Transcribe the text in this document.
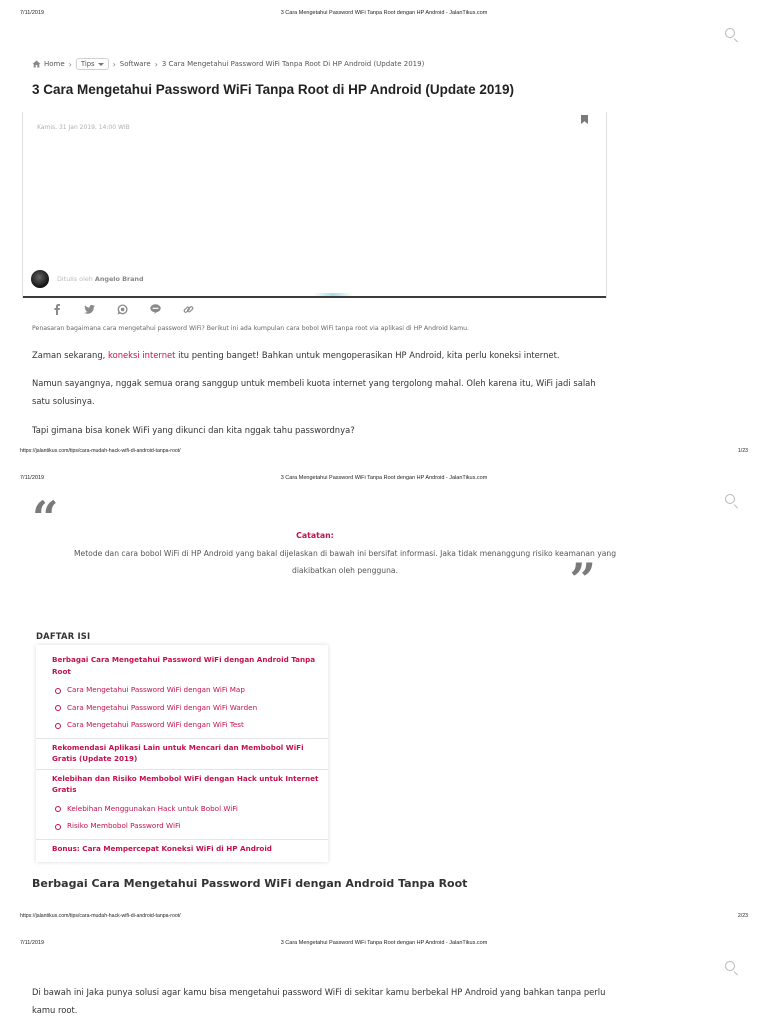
7/11/2019	3 Cara Mengetahui Password WiFi Tanpa Root dengan HP Android - JalanTikus.com
Home › Tips › Software › 3 Cara Mengetahui Password WiFi Tanpa Root Di HP Android (Update 2019)
3 Cara Mengetahui Password WiFi Tanpa Root di HP Android (Update 2019)
Kamis, 31 Jan 2019, 14:00 WIB
Ditulis oleh Angelo Brand

Penasaran bagaimana cara mengetahui password WiFi? Berikut ini ada kumpulan cara bobol WiFi tanpa root via aplikasi di HP Android kamu.

Zaman sekarang, koneksi internet itu penting banget! Bahkan untuk mengoperasikan HP Android, kita perlu koneksi internet.

Namun sayangnya, nggak semua orang sanggup untuk membeli kuota internet yang tergolong mahal. Oleh karena itu, WiFi jadi salah satu solusinya.

Tapi gimana bisa konek WiFi yang dikunci dan kita nggak tahu passwordnya?

https://jalantikus.com/tips/cara-mudah-hack-wifi-di-android-tanpa-root/	1/23
7/11/2019	3 Cara Mengetahui Password WiFi Tanpa Root dengan HP Android - JalanTikus.com
“	Catatan:
Metode dan cara bobol WiFi di HP Android yang bakal dijelaskan di bawah ini bersifat informasi. Jaka tidak menanggung risiko keamanan yang diakibatkan oleh pengguna.	”
DAFTAR ISI
Berbagai Cara Mengetahui Password WiFi dengan Android Tanpa Root
Cara Mengetahui Password WiFi dengan WiFi Map
Cara Mengetahui Password WiFi dengan WiFi Warden
Cara Mengetahui Password WiFi dengan WiFi Test
Rekomendasi Aplikasi Lain untuk Mencari dan Membobol WiFi Gratis (Update 2019)
Kelebihan dan Risiko Membobol WiFi dengan Hack untuk Internet Gratis
Kelebihan Menggunakan Hack untuk Bobol WiFi
Risiko Membobol Password WiFi
Bonus: Cara Mempercepat Koneksi WiFi di HP Android
Berbagai Cara Mengetahui Password WiFi dengan Android Tanpa Root
https://jalantikus.com/tips/cara-mudah-hack-wifi-di-android-tanpa-root/	2/23
7/11/2019	3 Cara Mengetahui Password WiFi Tanpa Root dengan HP Android - JalanTikus.com

Di bawah ini Jaka punya solusi agar kamu bisa mengetahui password WiFi di sekitar kamu berbekal HP Android yang bahkan tanpa perlu kamu root.
